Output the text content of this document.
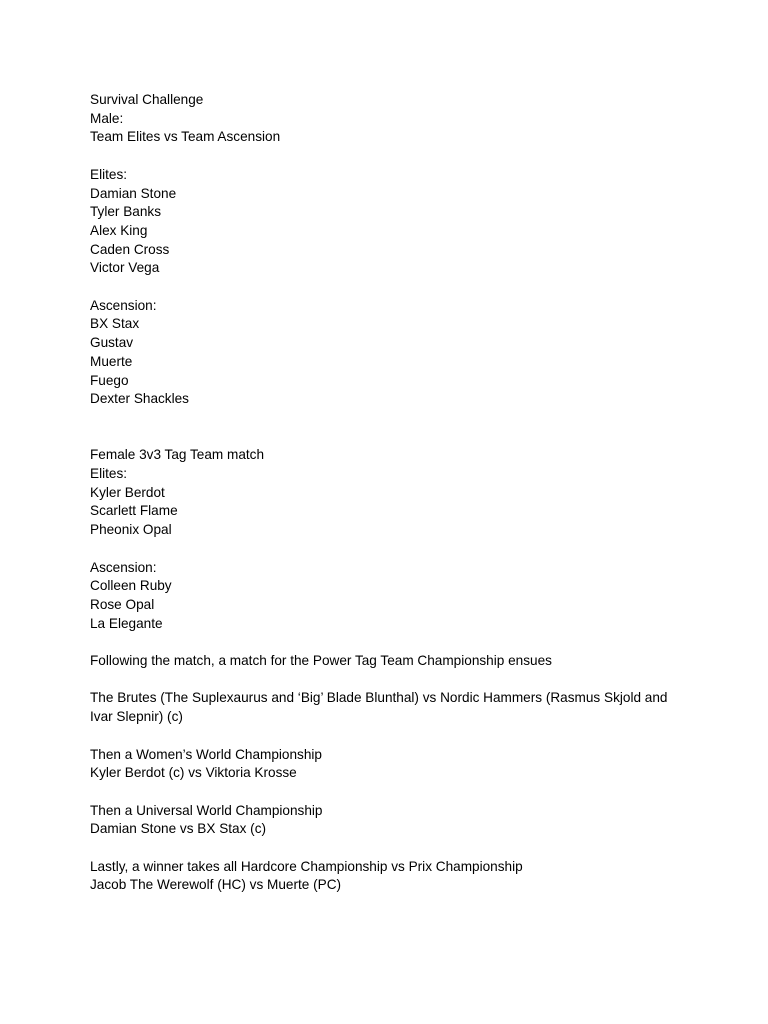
Survival Challenge
Male:
Team Elites vs Team Ascension
Elites:
Damian Stone
Tyler Banks
Alex King
Caden Cross
Victor Vega
Ascension:
BX Stax
Gustav
Muerte
Fuego
Dexter Shackles
Female 3v3 Tag Team match
Elites:
Kyler Berdot
Scarlett Flame
Pheonix Opal
Ascension:
Colleen Ruby
Rose Opal
La Elegante
Following the match, a match for the Power Tag Team Championship ensues
The Brutes (The Suplexaurus and ‘Big’ Blade Blunthal) vs Nordic Hammers (Rasmus Skjold and Ivar Slepnir) (c)
Then a Women’s World Championship
Kyler Berdot (c) vs Viktoria Krosse
Then a Universal World Championship
Damian Stone vs BX Stax (c)
Lastly, a winner takes all Hardcore Championship vs Prix Championship
Jacob The Werewolf (HC) vs Muerte (PC)
